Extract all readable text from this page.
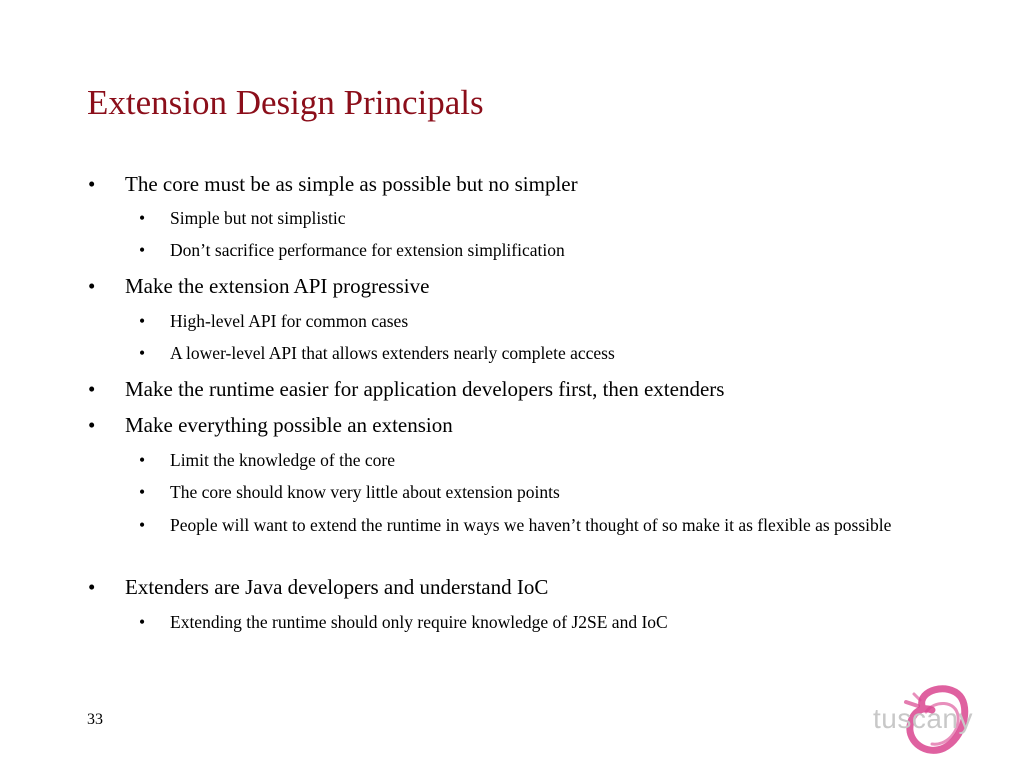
Extension Design Principals
•	The core must be as simple as possible but no simpler
•	Simple but not simplistic
•	Don’t sacrifice performance for extension simplification
•	Make the extension API progressive
•	High-level API for common cases
•	A lower-level API that allows extenders nearly complete access
•	Make the runtime easier for application developers first, then extenders
•	Make everything possible an extension
•	Limit the knowledge of the core
•	The core should know very little about extension points
•	People will want to extend the runtime in ways we haven’t thought of so make it as flexible as possible
•	Extenders are Java developers and understand IoC
•	Extending the runtime should only require knowledge of J2SE and IoC
33	tuscany
